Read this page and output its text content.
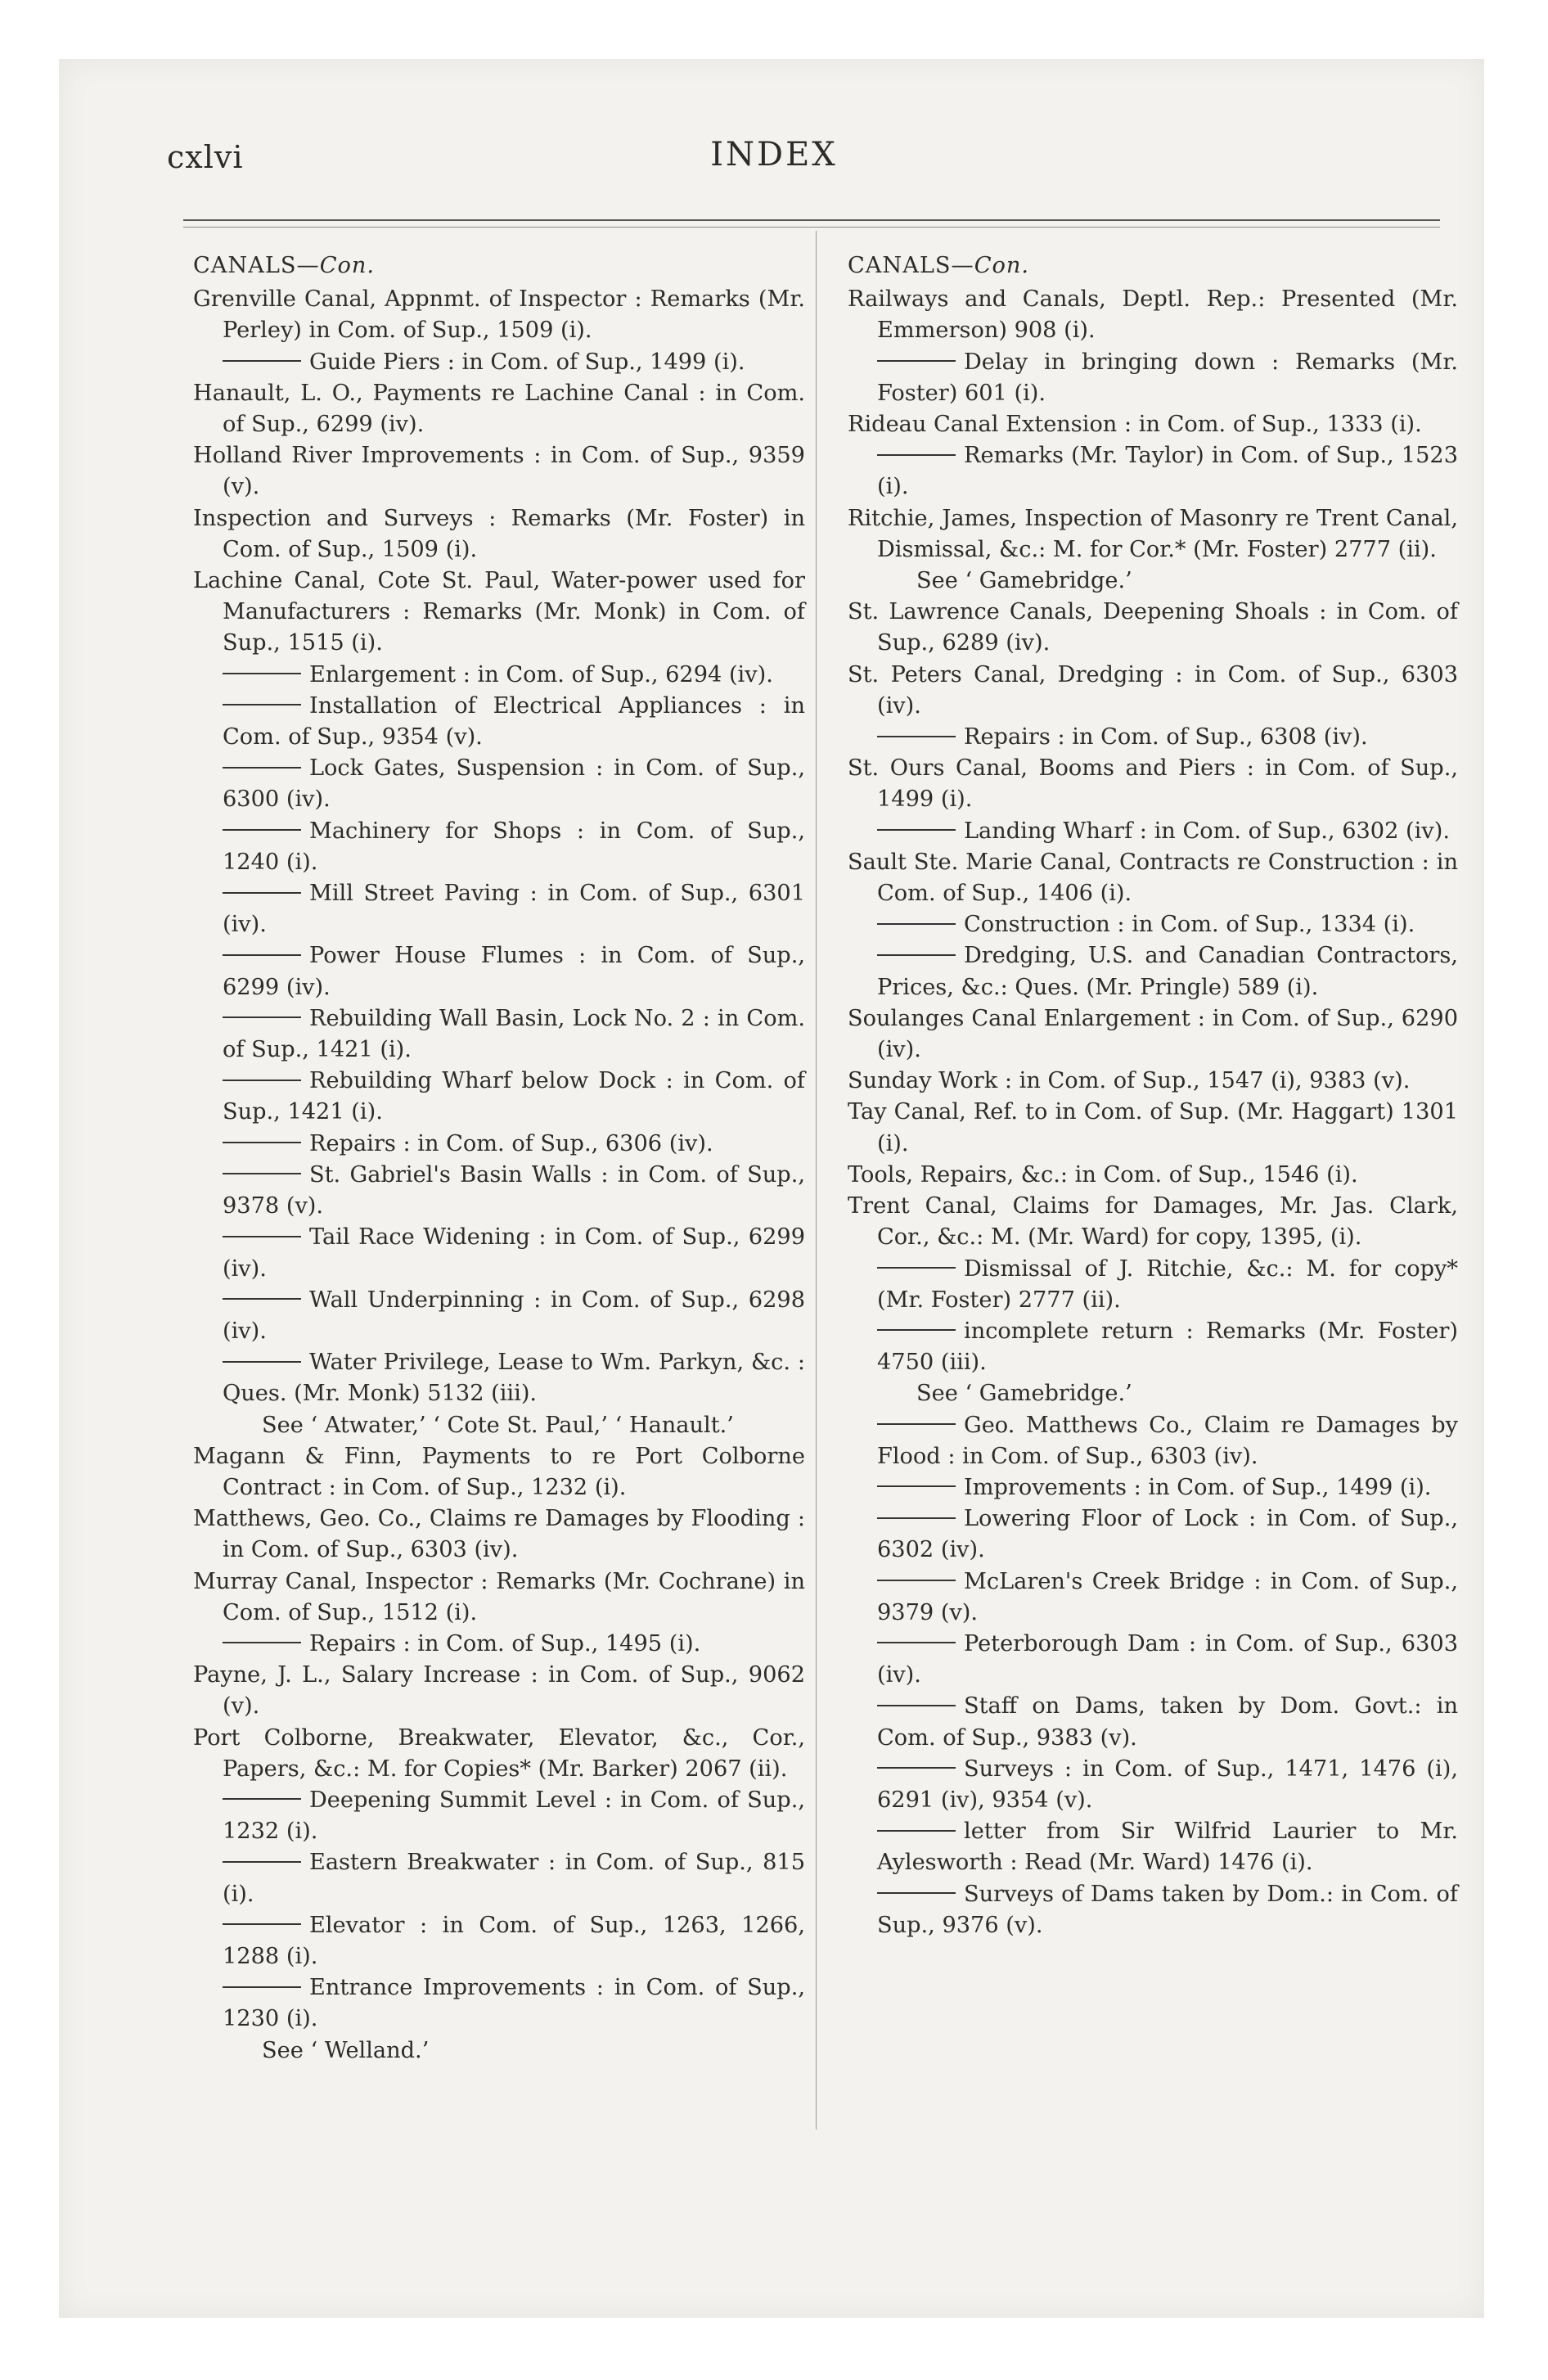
cxlvi	INDEX
CANALS—Con.

Grenville Canal, Appnmt. of Inspector : Remarks (Mr. Perley) in Com. of Sup., 1509 (i).

Guide Piers : in Com. of Sup., 1499 (i).

Hanault, L. O., Payments re Lachine Canal : in Com. of Sup., 6299 (iv).

Holland River Improvements : in Com. of Sup., 9359 (v).

Inspection and Surveys : Remarks (Mr. Foster) in Com. of Sup., 1509 (i).

Lachine Canal, Cote St. Paul, Water-power used for Manufacturers : Remarks (Mr. Monk) in Com. of Sup., 1515 (i).

Enlargement : in Com. of Sup., 6294 (iv).

Installation of Electrical Appliances : in Com. of Sup., 9354 (v).

Lock Gates, Suspension : in Com. of Sup., 6300 (iv).

Machinery for Shops : in Com. of Sup., 1240 (i).

Mill Street Paving : in Com. of Sup., 6301 (iv).

Power House Flumes : in Com. of Sup., 6299 (iv).

Rebuilding Wall Basin, Lock No. 2 : in Com. of Sup., 1421 (i).

Rebuilding Wharf below Dock : in Com. of Sup., 1421 (i).

Repairs : in Com. of Sup., 6306 (iv).

St. Gabriel's Basin Walls : in Com. of Sup., 9378 (v).

Tail Race Widening : in Com. of Sup., 6299 (iv).

Wall Underpinning : in Com. of Sup., 6298 (iv).

Water Privilege, Lease to Wm. Parkyn, &c. : Ques. (Mr. Monk) 5132 (iii).

See ‘ Atwater,’ ‘ Cote St. Paul,’ ‘ Hanault.’

Magann & Finn, Payments to re Port Colborne Contract : in Com. of Sup., 1232 (i).

Matthews, Geo. Co., Claims re Damages by Flooding : in Com. of Sup., 6303 (iv).

Murray Canal, Inspector : Remarks (Mr. Cochrane) in Com. of Sup., 1512 (i).

Repairs : in Com. of Sup., 1495 (i).

Payne, J. L., Salary Increase : in Com. of Sup., 9062 (v).

Port Colborne, Breakwater, Elevator, &c., Cor., Papers, &c.: M. for Copies* (Mr. Barker) 2067 (ii).

Deepening Summit Level : in Com. of Sup., 1232 (i).

Eastern Breakwater : in Com. of Sup., 815 (i).

Elevator : in Com. of Sup., 1263, 1266, 1288 (i).

Entrance Improvements : in Com. of Sup., 1230 (i).

See ‘ Welland.’

CANALS—Con.

Railways and Canals, Deptl. Rep.: Presented (Mr. Emmerson) 908 (i).

Delay in bringing down : Remarks (Mr. Foster) 601 (i).

Rideau Canal Extension : in Com. of Sup., 1333 (i).

Remarks (Mr. Taylor) in Com. of Sup., 1523 (i).

Ritchie, James, Inspection of Masonry re Trent Canal, Dismissal, &c.: M. for Cor.* (Mr. Foster) 2777 (ii).

See ‘ Gamebridge.’

St. Lawrence Canals, Deepening Shoals : in Com. of Sup., 6289 (iv).

St. Peters Canal, Dredging : in Com. of Sup., 6303 (iv).

Repairs : in Com. of Sup., 6308 (iv).

St. Ours Canal, Booms and Piers : in Com. of Sup., 1499 (i).

Landing Wharf : in Com. of Sup., 6302 (iv).

Sault Ste. Marie Canal, Contracts re Construction : in Com. of Sup., 1406 (i).

Construction : in Com. of Sup., 1334 (i).

Dredging, U.S. and Canadian Contractors, Prices, &c.: Ques. (Mr. Pringle) 589 (i).

Soulanges Canal Enlargement : in Com. of Sup., 6290 (iv).

Sunday Work : in Com. of Sup., 1547 (i), 9383 (v).

Tay Canal, Ref. to in Com. of Sup. (Mr. Haggart) 1301 (i).

Tools, Repairs, &c.: in Com. of Sup., 1546 (i).

Trent Canal, Claims for Damages, Mr. Jas. Clark, Cor., &c.: M. (Mr. Ward) for copy, 1395, (i).

Dismissal of J. Ritchie, &c.: M. for copy* (Mr. Foster) 2777 (ii).

incomplete return : Remarks (Mr. Foster) 4750 (iii).

See ‘ Gamebridge.’

Geo. Matthews Co., Claim re Damages by Flood : in Com. of Sup., 6303 (iv).

Improvements : in Com. of Sup., 1499 (i).

Lowering Floor of Lock : in Com. of Sup., 6302 (iv).

McLaren's Creek Bridge : in Com. of Sup., 9379 (v).

Peterborough Dam : in Com. of Sup., 6303 (iv).

Staff on Dams, taken by Dom. Govt.: in Com. of Sup., 9383 (v).

Surveys : in Com. of Sup., 1471, 1476 (i), 6291 (iv), 9354 (v).

letter from Sir Wilfrid Laurier to Mr. Aylesworth : Read (Mr. Ward) 1476 (i).

Surveys of Dams taken by Dom.: in Com. of Sup., 9376 (v).
